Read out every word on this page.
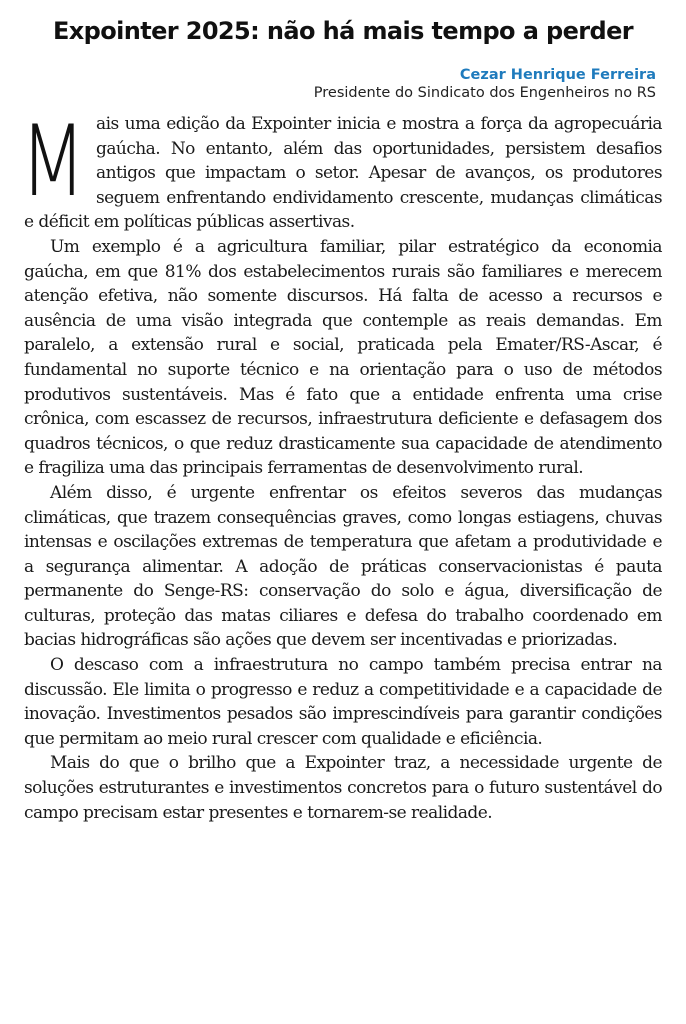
Expointer 2025: não há mais tempo a perder
Cezar Henrique Ferreira
Presidente do Sindicato dos Engenheiros no RS

Mais uma edição da Expointer inicia e mostra a força da agropecuária gaúcha. No entanto, além das oportunidades, persistem desafios antigos que impactam o setor. Apesar de avanços, os produtores seguem enfrentando endividamento crescente, mudanças climáticas e déficit em políticas públicas assertivas.

Um exemplo é a agricultura familiar, pilar estratégico da economia gaúcha, em que 81% dos estabelecimentos rurais são familiares e merecem atenção efetiva, não somente discursos. Há falta de acesso a recursos e ausência de uma visão integrada que contemple as reais demandas. Em paralelo, a extensão rural e social, praticada pela Emater/RS-Ascar, é fundamental no suporte técnico e na orientação para o uso de métodos produtivos sustentáveis. Mas é fato que a entidade enfrenta uma crise crônica, com escassez de recursos, infraestrutura deficiente e defasagem dos quadros técnicos, o que reduz drasticamente sua capacidade de atendimento e fragiliza uma das principais ferramentas de desenvolvimento rural.

Além disso, é urgente enfrentar os efeitos severos das mudanças climáticas, que trazem consequências graves, como longas estiagens, chuvas intensas e oscilações extremas de temperatura que afetam a produtividade e a segurança alimentar. A adoção de práticas conservacionistas é pauta permanente do Senge-RS: conservação do solo e água, diversificação de culturas, proteção das matas ciliares e defesa do trabalho coordenado em bacias hidrográficas são ações que devem ser incentivadas e priorizadas.

O descaso com a infraestrutura no campo também precisa entrar na discussão. Ele limita o progresso e reduz a competitividade e a capacidade de inovação. Investimentos pesados são imprescindíveis para garantir condições que permitam ao meio rural crescer com qualidade e eficiência.

Mais do que o brilho que a Expointer traz, a necessidade urgente de soluções estruturantes e investimentos concretos para o futuro sustentável do campo precisam estar presentes e tornarem-se realidade.
